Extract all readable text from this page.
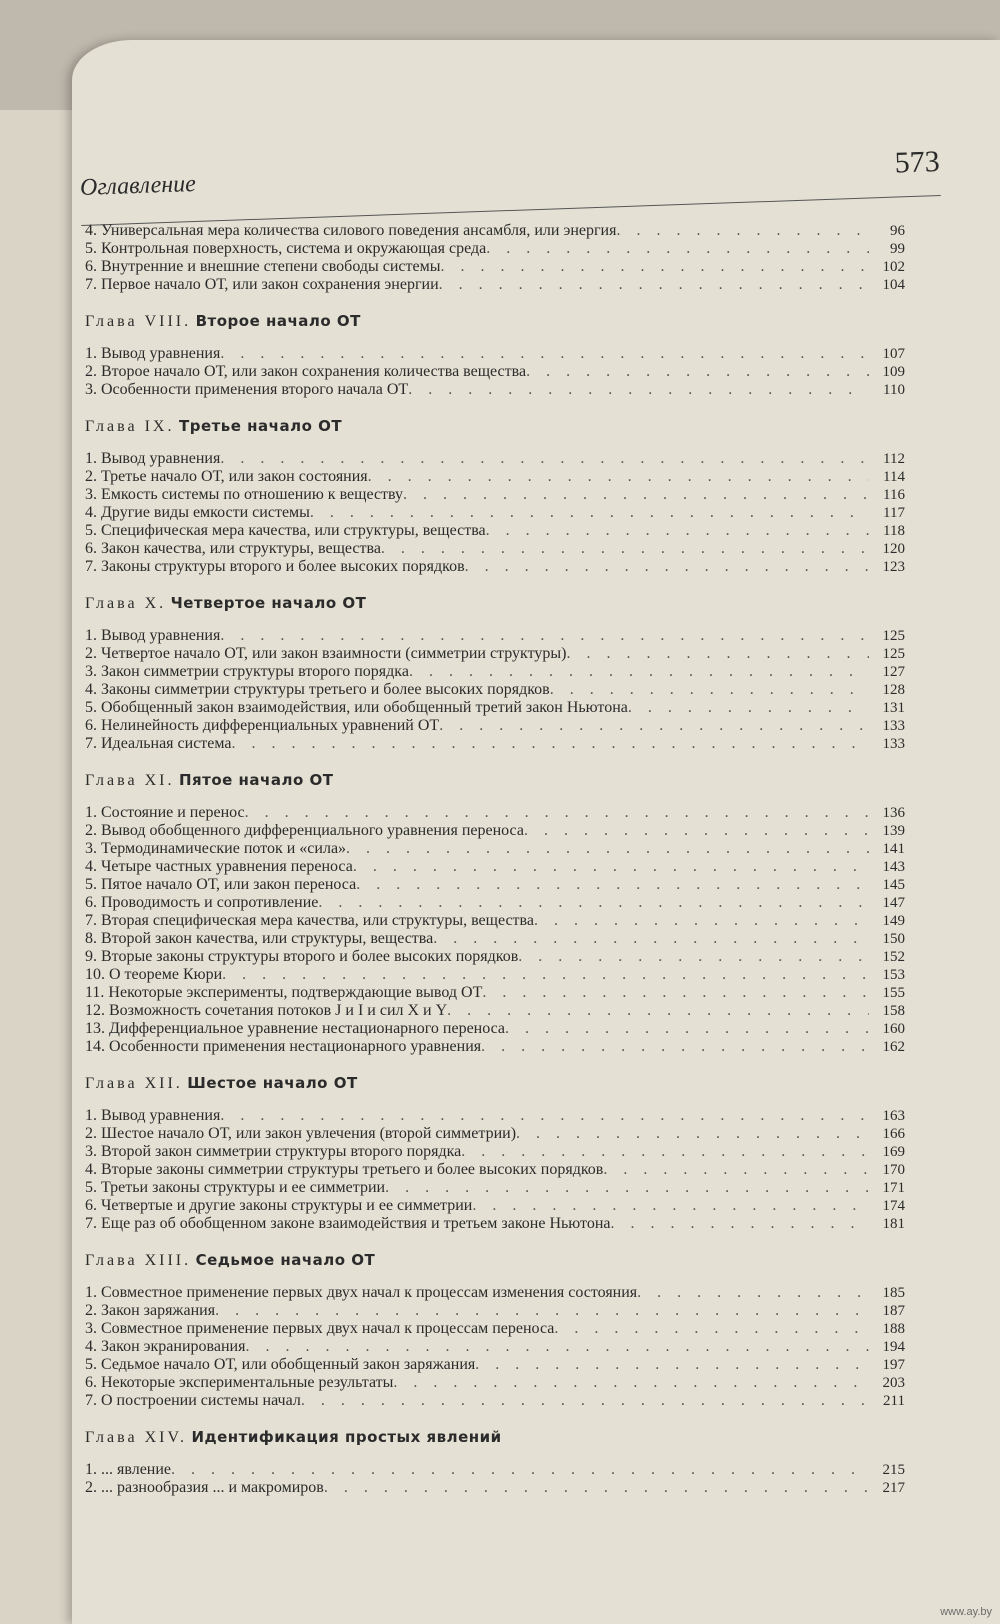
Оглавление
573
4. Универсальная мера количества силового поведения ансамбля, или энергия . . .	96
5. Контрольная поверхность, система и окружающая среда . . .	99
6. Внутренние и внешние степени свободы системы . . .	102
7. Первое начало ОТ, или закон сохранения энергии . . .	104
Глава VIII. Второе начало ОТ
1. Вывод уравнения . . .	107
2. Второе начало ОТ, или закон сохранения количества вещества . . .	109
3. Особенности применения второго начала ОТ . . .	110
Глава IX. Третье начало ОТ
1. Вывод уравнения . . .	112
2. Третье начало ОТ, или закон состояния . . .	114
3. Емкость системы по отношению к веществу . . .	116
4. Другие виды емкости системы . . .	117
5. Специфическая мера качества, или структуры, вещества . . .	118
6. Закон качества, или структуры, вещества . . .	120
7. Законы структуры второго и более высоких порядков . . .	123
Глава X. Четвертое начало ОТ
1. Вывод уравнения . . .	125
2. Четвертое начало ОТ, или закон взаимности (симметрии структуры) . . .	125
3. Закон симметрии структуры второго порядка . . .	127
4. Законы симметрии структуры третьего и более высоких порядков . . .	128
5. Обобщенный закон взаимодействия, или обобщенный третий закон Ньютона . . .	131
6. Нелинейность дифференциальных уравнений ОТ . . .	133
7. Идеальная система . . .	133
Глава XI. Пятое начало ОТ
1. Состояние и перенос . . .	136
2. Вывод обобщенного дифференциального уравнения переноса . . .	139
3. Термодинамические поток и «сила» . . .	141
4. Четыре частных уравнения переноса . . .	143
5. Пятое начало ОТ, или закон переноса . . .	145
6. Проводимость и сопротивление . . .	147
7. Вторая специфическая мера качества, или структуры, вещества . . .	149
8. Второй закон качества, или структуры, вещества . . .	150
9. Вторые законы структуры второго и более высоких порядков . . .	152
10. О теореме Кюри . . .	153
11. Некоторые эксперименты, подтверждающие вывод ОТ . . .	155
12. Возможность сочетания потоков J и I и сил X и Y . . .	158
13. Дифференциальное уравнение нестационарного переноса . . .	160
14. Особенности применения нестационарного уравнения . . .	162
Глава XII. Шестое начало ОТ
1. Вывод уравнения . . .	163
2. Шестое начало ОТ, или закон увлечения (второй симметрии) . . .	166
3. Второй закон симметрии структуры второго порядка . . .	169
4. Вторые законы симметрии структуры третьего и более высоких порядков . . .	170
5. Третьи законы структуры и ее симметрии . . .	171
6. Четвертые и другие законы структуры и ее симметрии . . .	174
7. Еще раз об обобщенном законе взаимодействия и третьем законе Ньютона . . .	181
Глава XIII. Седьмое начало ОТ
1. Совместное применение первых двух начал к процессам изменения состояния . . .	185
2. Закон заряжания . . .	187
3. Совместное применение первых двух начал к процессам переноса . . .	188
4. Закон экранирования . . .	194
5. Седьмое начало ОТ, или обобщенный закон заряжания . . .	197
6. Некоторые экспериментальные результаты . . .	203
7. О построении системы начал . . .	211
Глава XIV. Идентификация простых явлений
1. ... явление . . .	215
2. ... разнообразия ... и макромиров . . .	217
www.ay.by
